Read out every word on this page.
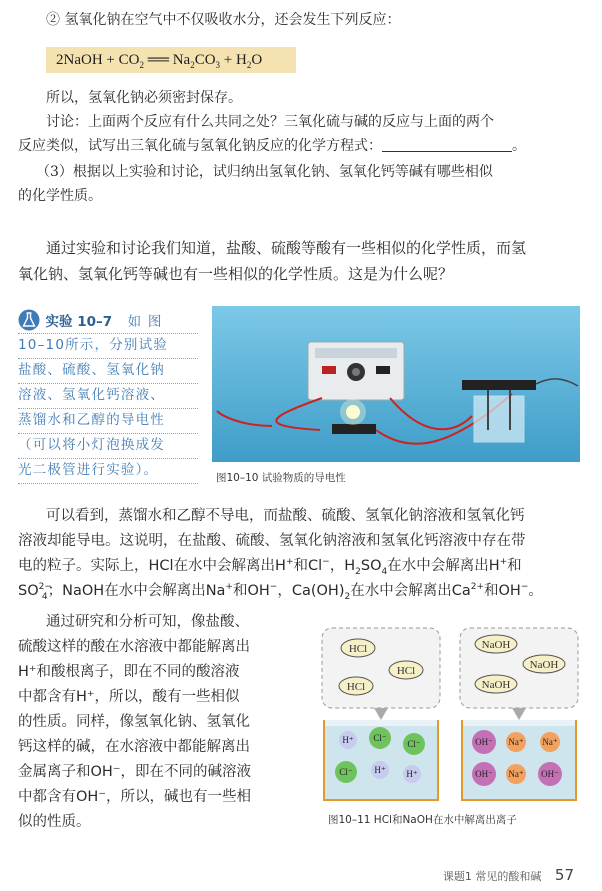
② 氢氧化钠在空气中不仅吸收水分，还会发生下列反应：

2NaOH + $CO_2$ ══ $Na_2CO_3 + H_2O$

所以，氢氧化钠必须密封保存。

讨论：上面两个反应有什么共同之处？三氧化硫与碱的反应与上面的两个
反应类似，试写出三氧化硫与氢氧化钠反应的化学方程式：	。
（3）根据以上实验和讨论，试归纳出氢氧化钠、氢氧化钙等碱有哪些相似
的化学性质。
通过实验和讨论我们知道，盐酸、硫酸等酸有一些相似的化学性质，而氢
氧化钠、氢氧化钙等碱也有一些相似的化学性质。这是为什么呢？
实验 10–7 如 图
10–10所示，分别试验
盐酸、硫酸、氢氧化钠
溶液、氢氧化钙溶液、
蒸馏水和乙醇的导电性
（可以将小灯泡换成发
光二极管进行实验）。	图10–10 试验物质的导电性
可以看到，蒸馏水和乙醇不导电，而盐酸、硫酸、氢氧化钠溶液和氢氧化钙
溶液却能导电。这说明，在盐酸、硫酸、氢氧化钠溶液和氢氧化钙溶液中存在带
电的粒子。实际上，HCl在水中会解离出H+和Cl−，$H_2SO_4$在水中会解离出H+和
$SO^{2-}_4$；NaOH在水中会解离出Na+和OH−，$Ca(OH)_2$在水中会解离出$Ca^{2+}$和OH−。
通过研究和分析可知，像盐酸、
硫酸这样的酸在水溶液中都能解离出
H⁺和酸根离子，即在不同的酸溶液
中都含有H⁺，所以，酸有一些相似
的性质。同样，像氢氧化钠、氢氧化
钙这样的碱，在水溶液中都能解离出
金属离子和OH⁻，即在不同的碱溶液
中都含有OH⁻，所以，碱也有一些相
似的性质。
HCl
HCl
HCl
NaOH
NaOH
NaOH
H⁺ Cl⁻
Cl⁻
Cl⁻ H⁺ H⁺
OH⁻ Na⁺ Na⁺
OH⁻ Na⁺ OH⁻
图10–11 HCl和NaOH在水中解离出离子
课题1 常见的酸和碱 57
